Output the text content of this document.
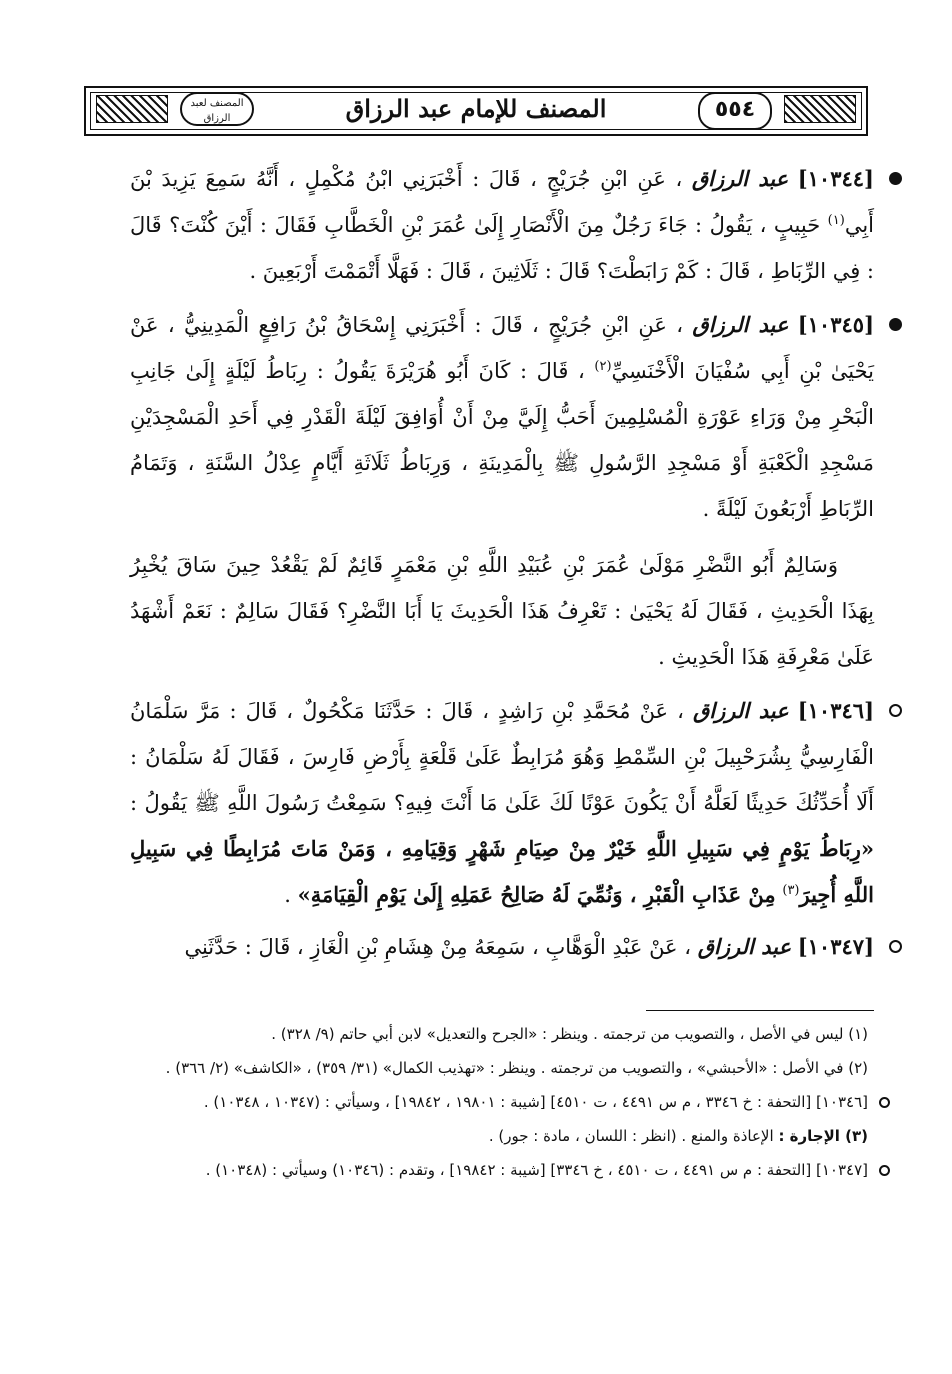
٥٥٤
المصنف للإمام عبد الرزاق
المصنف لعبد الرزاق

[١٠٣٤٤] عبد الرزاق ، عَنِ ابْنِ جُرَيْجٍ ، قَالَ : أَخْبَرَنِي ابْنُ مُكْمِلٍ ، أَنَّهُ سَمِعَ يَزِيدَ بْنَ أَبِي$^{(١)}$ حَبِيبٍ ، يَقُولُ : جَاءَ رَجُلٌ مِنَ الْأَنْصَارِ إِلَىٰ عُمَرَ بْنِ الْخَطَّابِ فَقَالَ : أَيْنَ كُنْتَ؟ قَالَ : فِي الرِّبَاطِ ، قَالَ : كَمْ رَابَطْتَ؟ قَالَ : ثَلَاثِينَ ، قَالَ : فَهَلَّا أَتْمَمْتَ أَرْبَعِينَ .

[١٠٣٤٥] عبد الرزاق ، عَنِ ابْنِ جُرَيْجٍ ، قَالَ : أَخْبَرَنِي إِسْحَاقُ بْنُ رَافِعٍ الْمَدِينِيُّ ، عَنْ يَحْيَىٰ بْنِ أَبِي سُفْيَانَ الْأَخْنَسِيِّ$^{(٢)}$ ، قَالَ : كَانَ أَبُو هُرَيْرَةَ يَقُولُ : رِبَاطُ لَيْلَةٍ إِلَىٰ جَانِبِ الْبَحْرِ مِنْ وَرَاءِ عَوْرَةِ الْمُسْلِمِينَ أَحَبُّ إِلَيَّ مِنْ أَنْ أُوَافِقَ لَيْلَةَ الْقَدْرِ فِي أَحَدِ الْمَسْجِدَيْنِ مَسْجِدِ الْكَعْبَةِ أَوْ مَسْجِدِ الرَّسُولِ ﷺ بِالْمَدِينَةِ ، وَرِبَاطُ ثَلَاثَةِ أَيَّامٍ عِدْلُ السَّنَةِ ، وَتَمَامُ الرِّبَاطِ أَرْبَعُونَ لَيْلَةً .

وَسَالِمٌ أَبُو النَّضْرِ مَوْلَىٰ عُمَرَ بْنِ عُبَيْدِ اللَّهِ بْنِ مَعْمَرٍ قَائِمٌ لَمْ يَقْعُدْ حِينَ سَاقَ يُخْبِرُ بِهَذَا الْحَدِيثِ ، فَقَالَ لَهُ يَحْيَىٰ : تَعْرِفُ هَذَا الْحَدِيثَ يَا أَبَا النَّضْرِ؟ فَقَالَ سَالِمٌ : نَعَمْ أَشْهَدُ عَلَىٰ مَعْرِفَةِ هَذَا الْحَدِيثِ .

[١٠٣٤٦] عبد الرزاق ، عَنْ مُحَمَّدِ بْنِ رَاشِدٍ ، قَالَ : حَدَّثَنَا مَكْحُولٌ ، قَالَ : مَرَّ سَلْمَانُ الْفَارِسِيُّ بِشُرَحْبِيلَ بْنِ السِّمْطِ وَهُوَ مُرَابِطٌ عَلَىٰ قَلْعَةٍ بِأَرْضِ فَارِسَ ، فَقَالَ لَهُ سَلْمَانُ : أَلَا أُحَدِّثُكَ حَدِيثًا لَعَلَّهُ أَنْ يَكُونَ عَوْنًا لَكَ عَلَىٰ مَا أَنْتَ فِيهِ؟ سَمِعْتُ رَسُولَ اللَّهِ ﷺ يَقُولُ : «رِبَاطُ يَوْمٍ فِي سَبِيلِ اللَّهِ خَيْرٌ مِنْ صِيَامِ شَهْرٍ وَقِيَامِهِ ، وَمَنْ مَاتَ مُرَابِطًا فِي سَبِيلِ اللَّهِ أُجِيرَ$^{(٣)}$ مِنْ عَذَابِ الْقَبْرِ ، وَنُمِّيَ لَهُ صَالِحُ عَمَلِهِ إِلَىٰ يَوْمِ الْقِيَامَةِ» .

[١٠٣٤٧] عبد الرزاق ، عَنْ عَبْدِ الْوَهَّابِ ، سَمِعَهُ مِنْ هِشَامِ بْنِ الْغَازِ ، قَالَ : حَدَّثَنِي

(١) ليس في الأصل ، والتصويب من ترجمته . وينظر : «الجرح والتعديل» لابن أبي حاتم (٩/ ٣٢٨) .

(٢) في الأصل : «الأحبشي» ، والتصويب من ترجمته . وينظر : «تهذيب الكمال» (٣١/ ٣٥٩) ، «الكاشف» (٢/ ٣٦٦) .

[١٠٣٤٦] [التحفة : خ ٣٣٤٦ ، م س ٤٤٩١ ، ت ٤٥١٠] [شيبة : ١٩٨٠١ ، ١٩٨٤٢] ، وسيأتي : (١٠٣٤٧ ، ١٠٣٤٨) .

(٣) الإجارة : الإعاذة والمنع . (انظر : اللسان ، مادة : جور) .

[١٠٣٤٧] [التحفة : م س ٤٤٩١ ، ت ٤٥١٠ ، خ ٣٣٤٦] [شيبة : ١٩٨٤٢] ، وتقدم : (١٠٣٤٦) وسيأتي : (١٠٣٤٨) .
